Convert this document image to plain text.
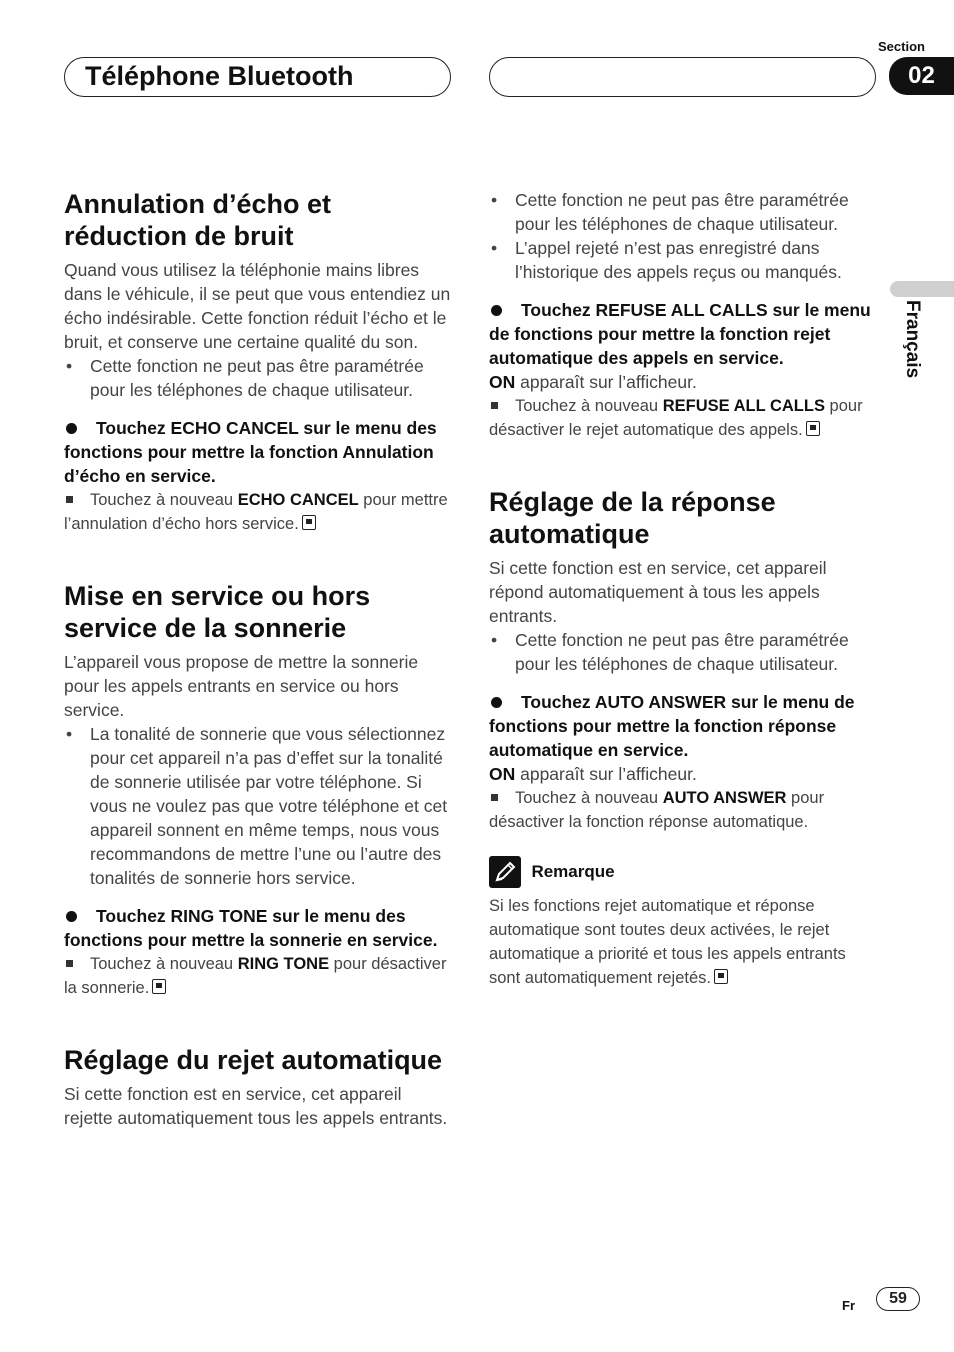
Téléphone Bluetooth
Section
02
Français
Annulation d’écho et réduction de bruit

Quand vous utilisez la téléphonie mains libres dans le véhicule, il se peut que vous entendiez un écho indésirable. Cette fonction réduit l’écho et le bruit, et conserve une certaine qualité du son.

• Cette fonction ne peut pas être paramétrée pour les téléphones de chaque utilisateur.
Touchez ECHO CANCEL sur le menu des fonctions pour mettre la fonction Annulation d’écho en service.
Touchez à nouveau ECHO CANCEL pour mettre l’annulation d’écho hors service.
Mise en service ou hors service de la sonnerie

L’appareil vous propose de mettre la sonnerie pour les appels entrants en service ou hors service.

• La tonalité de sonnerie que vous sélectionnez pour cet appareil n’a pas d’effet sur la tonalité de sonnerie utilisée par votre téléphone. Si vous ne voulez pas que votre téléphone et cet appareil sonnent en même temps, nous vous recommandons de mettre l’une ou l’autre des tonalités de sonnerie hors service.
Touchez RING TONE sur le menu des fonctions pour mettre la sonnerie en service.
Touchez à nouveau RING TONE pour désactiver la sonnerie.
Réglage du rejet automatique

Si cette fonction est en service, cet appareil rejette automatiquement tous les appels entrants.

• Cette fonction ne peut pas être paramétrée pour les téléphones de chaque utilisateur.
• L’appel rejeté n’est pas enregistré dans l’historique des appels reçus ou manqués.
Touchez REFUSE ALL CALLS sur le menu de fonctions pour mettre la fonction rejet automatique des appels en service.
ON apparaît sur l’afficheur.
Touchez à nouveau REFUSE ALL CALLS pour désactiver le rejet automatique des appels.
Réglage de la réponse automatique

Si cette fonction est en service, cet appareil répond automatiquement à tous les appels entrants.

• Cette fonction ne peut pas être paramétrée pour les téléphones de chaque utilisateur.
Touchez AUTO ANSWER sur le menu de fonctions pour mettre la fonction réponse automatique en service.
ON apparaît sur l’afficheur.
Touchez à nouveau AUTO ANSWER pour désactiver la fonction réponse automatique.
Remarque
Si les fonctions rejet automatique et réponse automatique sont toutes deux activées, le rejet automatique a priorité et tous les appels entrants sont automatiquement rejetés.
Fr	59
